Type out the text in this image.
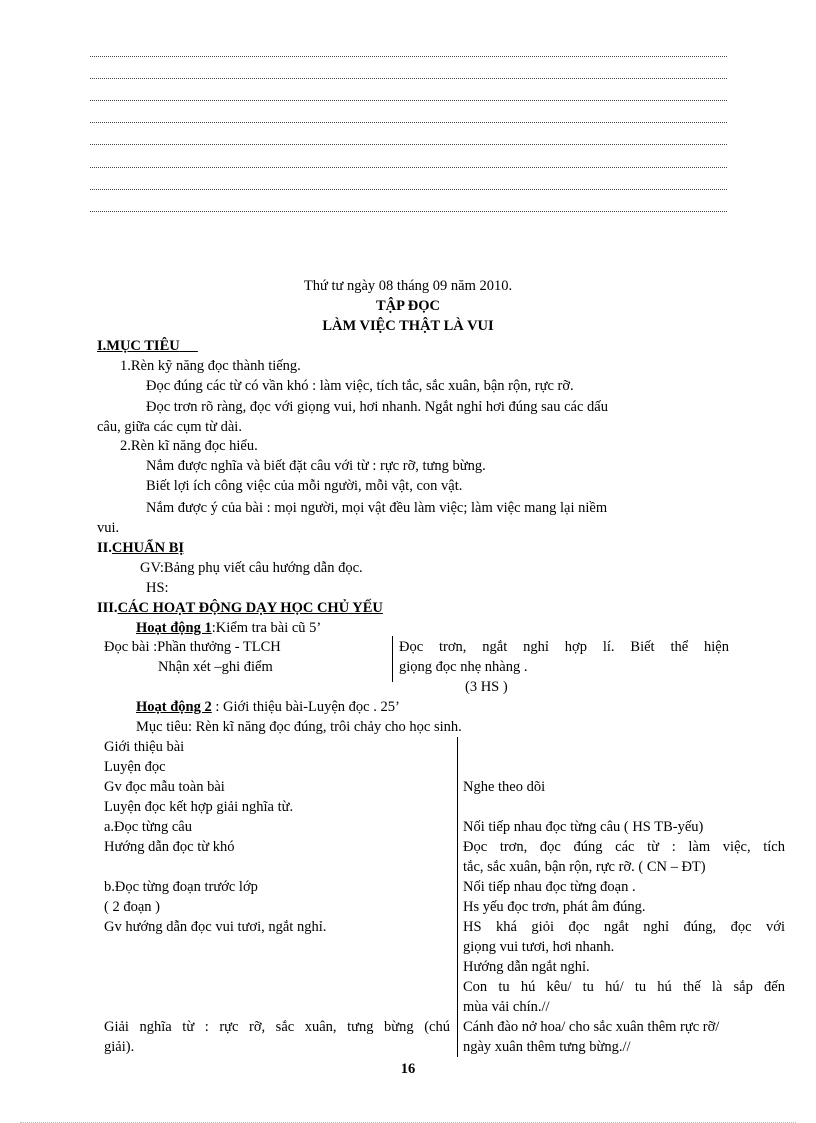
Thứ tư ngày 08 tháng 09 năm 2010.
TẬP ĐỌC
LÀM VIỆC THẬT LÀ VUI
I.MỤC TIÊU
1.Rèn kỹ năng đọc thành tiếng.
Đọc đúng các từ có vần khó : làm việc, tích tắc, sắc xuân, bận rộn, rực rỡ.
Đọc trơn rõ ràng, đọc với giọng vui, hơi nhanh. Ngắt nghỉ hơi đúng sau các dấu
câu, giữa các cụm từ dài.
2.Rèn kĩ năng đọc hiểu.
Nắm được nghĩa và biết đặt câu với từ : rực rỡ, tưng bừng.
Biết lợi ích công việc của mỗi người, mỗi vật, con vật.
Nắm được ý của bài : mọi người, mọi vật đều làm việc; làm việc mang lại niềm
vui.
II.CHUẨN BỊ
GV:Bảng phụ viết câu hướng dẫn đọc.
HS:
III.CÁC HOẠT ĐỘNG DẠY HỌC CHỦ YẾU
Hoạt động 1:Kiểm tra bài cũ 5’
Đọc bài :Phần thưởng - TLCH
Nhận xét –ghi điểm
Đọc trơn, ngắt nghỉ hợp lí. Biết thể hiện
giọng đọc nhẹ nhàng .
(3 HS )
Hoạt động 2 : Giới thiệu bài-Luyện đọc . 25’
Mục tiêu: Rèn kĩ năng đọc đúng, trôi chảy cho học sinh.
Giới thiệu bài
Luyện đọc
Gv đọc mẫu toàn bài
Luyện đọc kết hợp giải nghĩa từ.
a.Đọc từng câu
Hướng dẫn đọc từ khó
b.Đọc từng đoạn trước lớp
( 2 đoạn )
Gv hướng dẫn đọc vui tươi, ngắt nghỉ.
Giải nghĩa từ : rực rỡ, sắc xuân, tưng bừng (chú
giải).
Nghe theo dõi
Nối tiếp nhau đọc từng câu ( HS TB-yếu)
Đọc trơn, đọc đúng các từ : làm việc, tích
tắc, sắc xuân, bận rộn, rực rỡ. ( CN – ĐT)
Nối tiếp nhau đọc từng đoạn .
Hs yếu đọc trơn, phát âm đúng.
HS khá giỏi đọc ngắt nghỉ đúng, đọc với
giọng vui tươi, hơi nhanh.
Hướng dẫn ngắt nghỉ.
Con tu hú kêu/ tu hú/ tu hú thế là sắp đến
mùa vải chín.//
Cánh đào nở hoa/ cho sắc xuân thêm rực rỡ/
ngày xuân thêm tưng bừng.//
16
